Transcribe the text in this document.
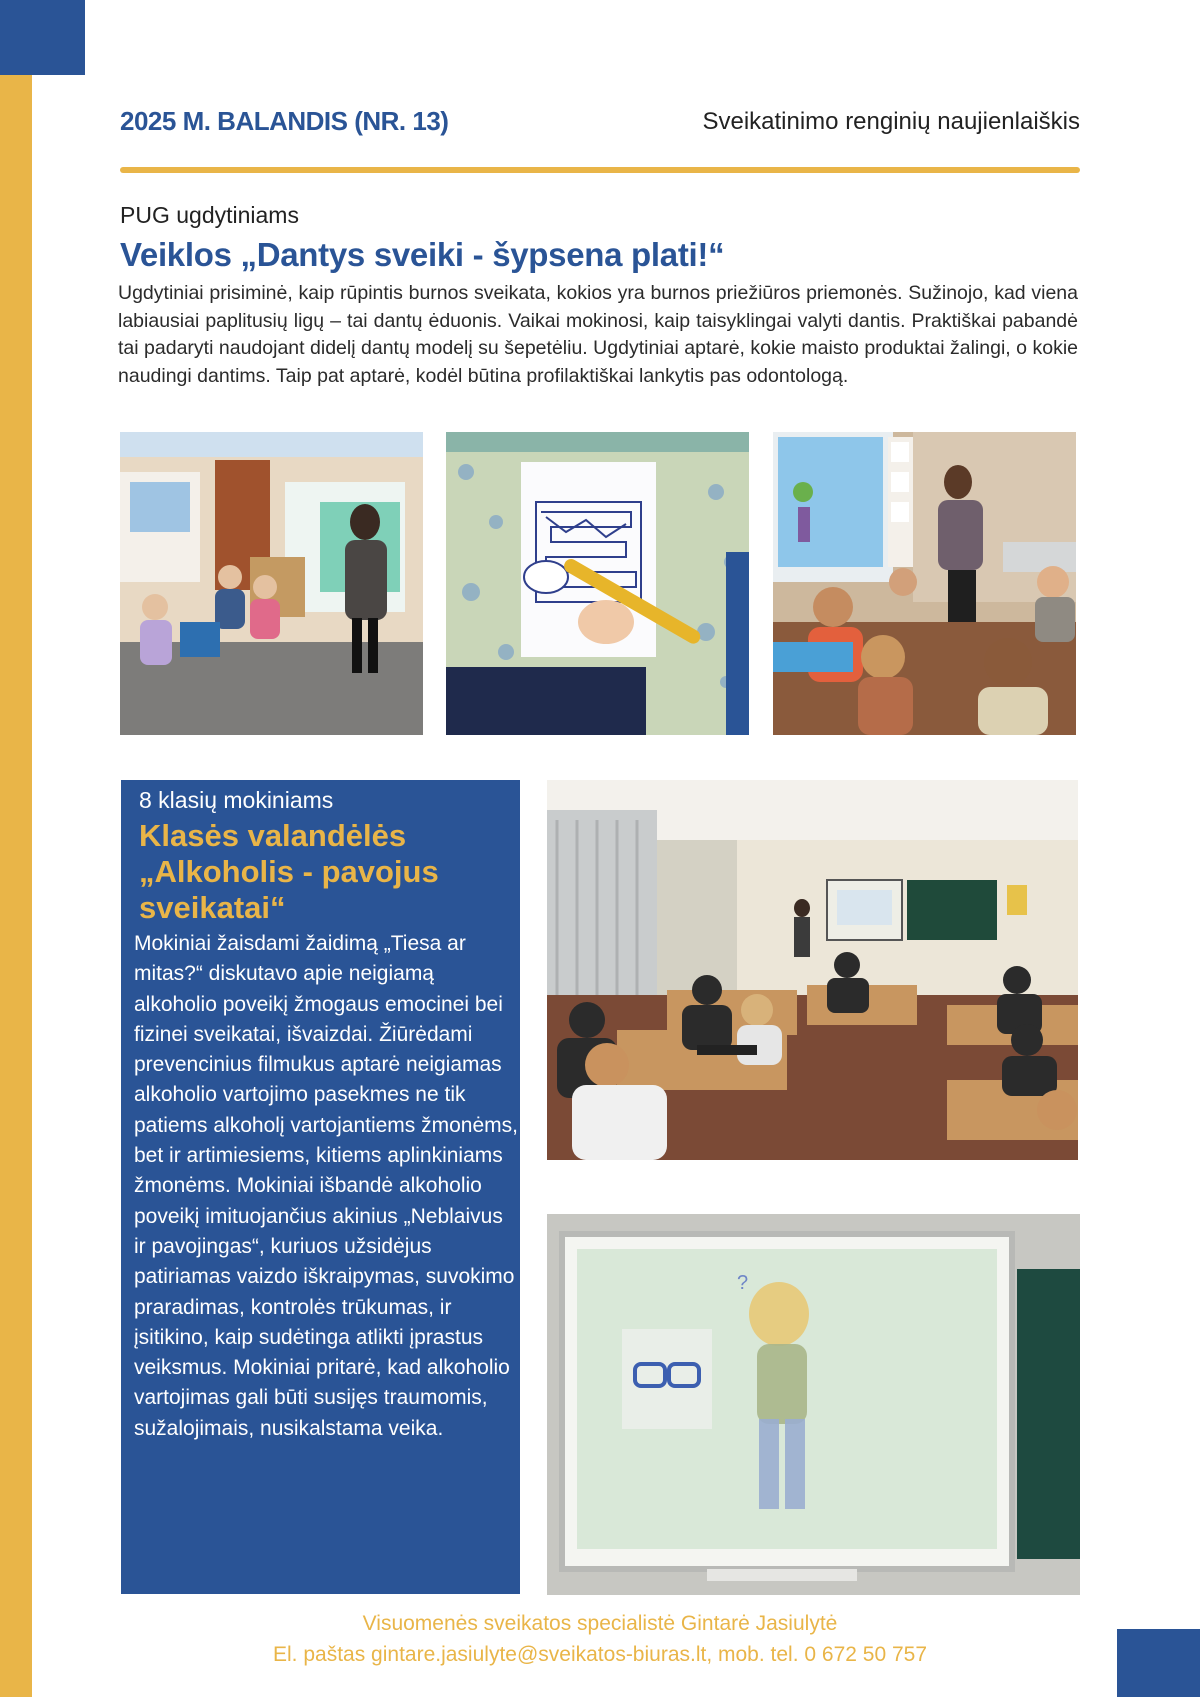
2025 M. BALANDIS (NR. 13)	Sveikatinimo renginių naujienlaiškis
PUG ugdytiniams
Veiklos „Dantys sveiki - šypsena plati!“

Ugdytiniai prisiminė, kaip rūpintis burnos sveikata, kokios yra burnos priežiūros priemonės. Sužinojo, kad viena labiausiai paplitusių ligų – tai dantų ėduonis. Vaikai mokinosi, kaip taisyklingai valyti dantis. Praktiškai pabandė tai padaryti naudojant didelį dantų modelį su šepetėliu. Ugdytiniai aptarė, kokie maisto produktai žalingi, o kokie naudingi dantims. Taip pat aptarė, kodėl būtina profilaktiškai lankytis pas odontologą.

8 klasių mokiniams

Klasės valandėlės „Alkoholis - pavojus sveikatai“

Mokiniai žaisdami žaidimą „Tiesa ar mitas?“ diskutavo apie neigiamą alkoholio poveikį žmogaus emocinei bei fizinei sveikatai, išvaizdai. Žiūrėdami prevencinius filmukus aptarė neigiamas alkoholio vartojimo pasekmes ne tik patiems alkoholį vartojantiems žmonėms, bet ir artimiesiems, kitiems aplinkiniams žmonėms. Mokiniai išbandė alkoholio poveikį imituojančius akinius „Neblaivus ir pavojingas“, kuriuos užsidėjus patiriamas vaizdo iškraipymas, suvokimo praradimas, kontrolės trūkumas, ir įsitikino, kaip sudėtinga atlikti įprastus veiksmus. Mokiniai pritarė, kad alkoholio vartojimas gali būti susijęs traumomis, sužalojimais, nusikalstama veika.

?
Visuomenės sveikatos specialistė Gintarė Jasiulytė
El. paštas gintare.jasiulyte@sveikatos-biuras.lt, mob. tel. 0 672 50 757
